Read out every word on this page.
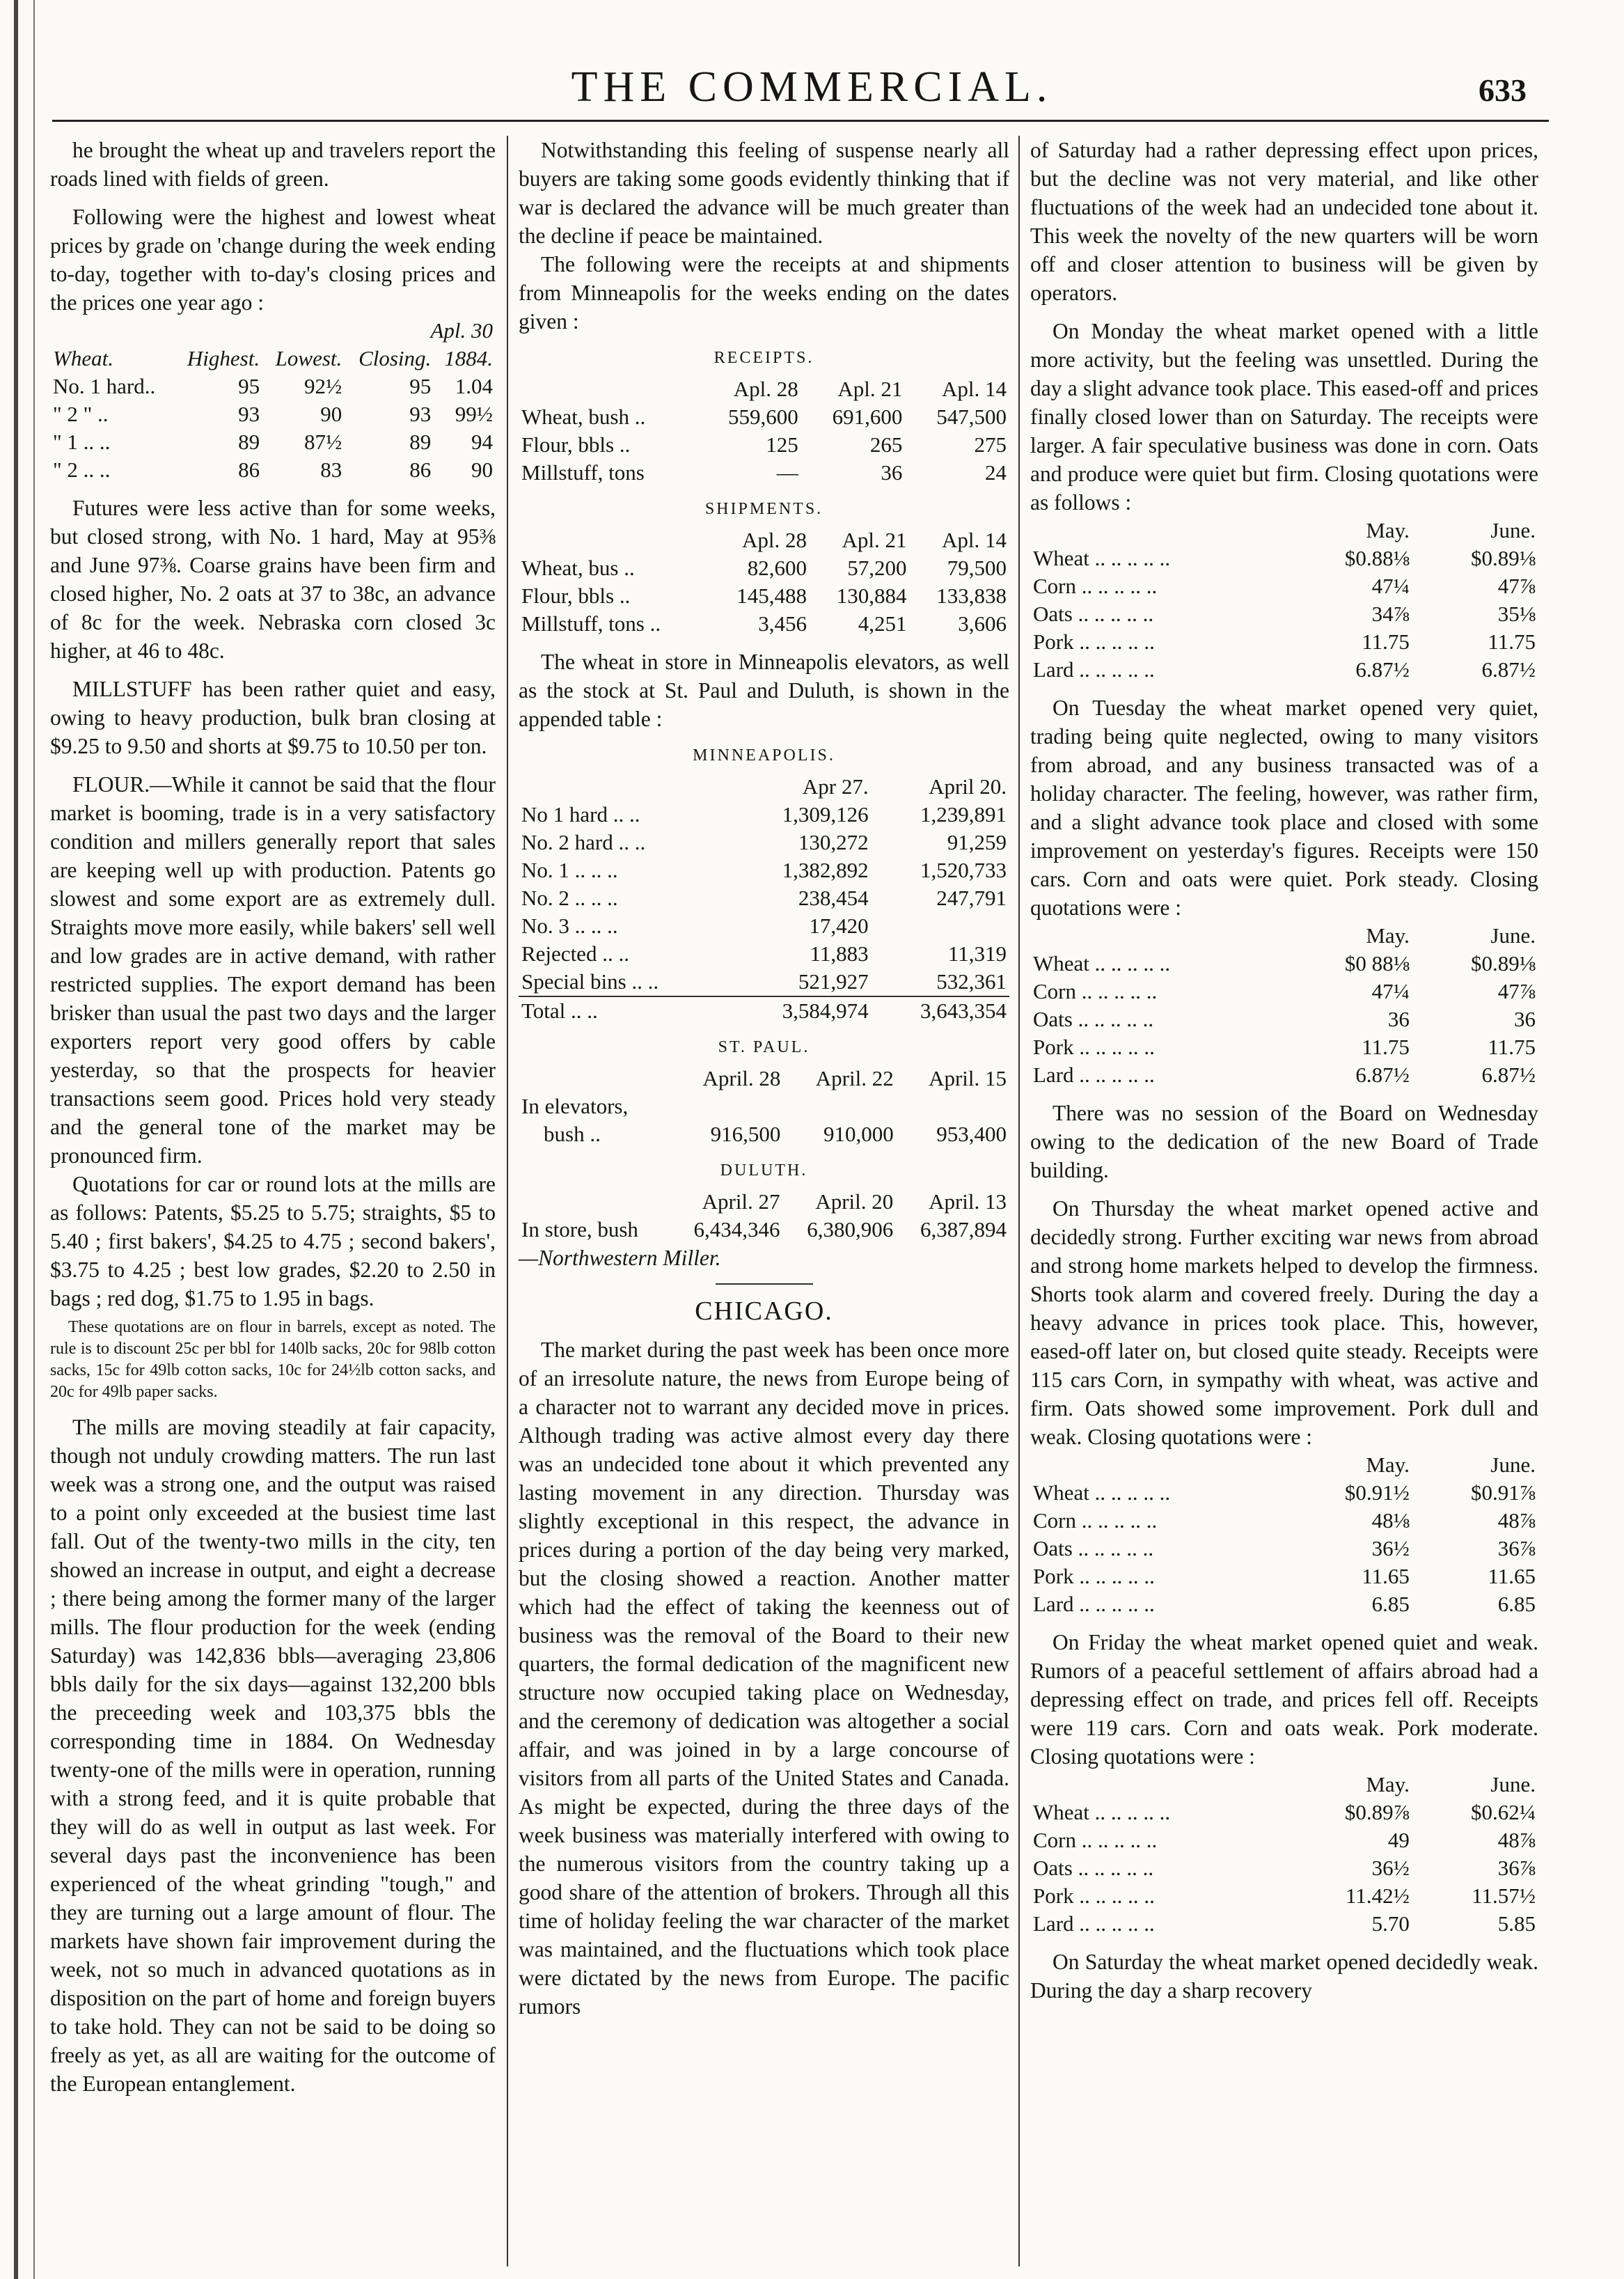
THE COMMERCIAL.	633

he brought the wheat up and travelers report the roads lined with fields of green.

Following were the highest and lowest wheat prices by grade on 'change during the week ending to-day, together with to-day's closing prices and the prices one year ago :

Apl. 30				
Wheat.	Highest.	Lowest.	Closing.	1884.
No. 1 hard..	95	92½	95	1.04
" 2 " ..	93	90	93	99½
" 1 .. ..	89	87½	89	94
" 2 .. ..	86	83	86	90

Futures were less active than for some weeks, but closed strong, with No. 1 hard, May at 95⅜ and June 97⅜. Coarse grains have been firm and closed higher, No. 2 oats at 37 to 38c, an advance of 8c for the week. Nebraska corn closed 3c higher, at 46 to 48c.

MILLSTUFF has been rather quiet and easy, owing to heavy production, bulk bran closing at $9.25 to 9.50 and shorts at $9.75 to 10.50 per ton.

FLOUR.—While it cannot be said that the flour market is booming, trade is in a very satisfactory condition and millers generally report that sales are keeping well up with production. Patents go slowest and some export are as extremely dull. Straights move more easily, while bakers' sell well and low grades are in active demand, with rather restricted supplies. The export demand has been brisker than usual the past two days and the larger exporters report very good offers by cable yesterday, so that the prospects for heavier transactions seem good. Prices hold very steady and the general tone of the market may be pronounced firm.

Quotations for car or round lots at the mills are as follows: Patents, $5.25 to 5.75; straights, $5 to 5.40 ; first bakers', $4.25 to 4.75 ; second bakers', $3.75 to 4.25 ; best low grades, $2.20 to 2.50 in bags ; red dog, $1.75 to 1.95 in bags.

These quotations are on flour in barrels, except as noted. The rule is to discount 25c per bbl for 140lb sacks, 20c for 98lb cotton sacks, 15c for 49lb cotton sacks, 10c for 24½lb cotton sacks, and 20c for 49lb paper sacks.

The mills are moving steadily at fair capacity, though not unduly crowding matters. The run last week was a strong one, and the output was raised to a point only exceeded at the busiest time last fall. Out of the twenty-two mills in the city, ten showed an increase in output, and eight a decrease ; there being among the former many of the larger mills. The flour production for the week (ending Saturday) was 142,836 bbls—averaging 23,806 bbls daily for the six days—against 132,200 bbls the preceeding week and 103,375 bbls the corresponding time in 1884. On Wednesday twenty-one of the mills were in operation, running with a strong feed, and it is quite probable that they will do as well in output as last week. For several days past the inconvenience has been experienced of the wheat grinding "tough," and they are turning out a large amount of flour. The markets have shown fair improvement during the week, not so much in advanced quotations as in disposition on the part of home and foreign buyers to take hold. They can not be said to be doing so freely as yet, as all are waiting for the outcome of the European entanglement.

Notwithstanding this feeling of suspense nearly all buyers are taking some goods evidently thinking that if war is declared the advance will be much greater than the decline if peace be maintained.

The following were the receipts at and shipments from Minneapolis for the weeks ending on the dates given :

RECEIPTS.
	Apl. 28	Apl. 21	Apl. 14
Wheat, bush ..	559,600	691,600	547,500
Flour, bbls ..	125	265	275
Millstuff, tons	—	36	24
SHIPMENTS.
	Apl. 28	Apl. 21	Apl. 14
Wheat, bus ..	82,600	57,200	79,500
Flour, bbls ..	145,488	130,884	133,838
Millstuff, tons ..	3,456	4,251	3,606

The wheat in store in Minneapolis elevators, as well as the stock at St. Paul and Duluth, is shown in the appended table :

MINNEAPOLIS.
	Apr 27.	April 20.
No 1 hard .. ..	1,309,126	1,239,891
No. 2 hard .. ..	130,272	91,259
No. 1 .. .. ..	1,382,892	1,520,733
No. 2 .. .. ..	238,454	247,791
No. 3 .. .. ..	17,420	
Rejected .. ..	11,883	11,319
Special bins .. ..	521,927	532,361
Total .. ..	3,584,974	3,643,354
ST. PAUL.
	April. 28	April. 22	April. 15
In elevators,			
bush ..	916,500	910,000	953,400
DULUTH.
	April. 27	April. 20	April. 13
In store, bush	6,434,346	6,380,906	6,387,894

—Northwestern Miller.

CHICAGO.

The market during the past week has been once more of an irresolute nature, the news from Europe being of a character not to warrant any decided move in prices. Although trading was active almost every day there was an undecided tone about it which prevented any lasting movement in any direction. Thursday was slightly exceptional in this respect, the advance in prices during a portion of the day being very marked, but the closing showed a reaction. Another matter which had the effect of taking the keenness out of business was the removal of the Board to their new quarters, the formal dedication of the magnificent new structure now occupied taking place on Wednesday, and the ceremony of dedication was altogether a social affair, and was joined in by a large concourse of visitors from all parts of the United States and Canada. As might be expected, during the three days of the week business was materially interfered with owing to the numerous visitors from the country taking up a good share of the attention of brokers. Through all this time of holiday feeling the war character of the market was maintained, and the fluctuations which took place were dictated by the news from Europe. The pacific rumors

of Saturday had a rather depressing effect upon prices, but the decline was not very material, and like other fluctuations of the week had an undecided tone about it. This week the novelty of the new quarters will be worn off and closer attention to business will be given by operators.

On Monday the wheat market opened with a little more activity, but the feeling was unsettled. During the day a slight advance took place. This eased-off and prices finally closed lower than on Saturday. The receipts were larger. A fair speculative business was done in corn. Oats and produce were quiet but firm. Closing quotations were as follows :

	May.	June.
Wheat .. .. .. .. ..	$0.88⅛	$0.89⅛
Corn .. .. .. .. ..	47¼	47⅞
Oats .. .. .. .. ..	34⅞	35⅛
Pork .. .. .. .. ..	11.75	11.75
Lard .. .. .. .. ..	6.87½	6.87½

On Tuesday the wheat market opened very quiet, trading being quite neglected, owing to many visitors from abroad, and any business transacted was of a holiday character. The feeling, however, was rather firm, and a slight advance took place and closed with some improvement on yesterday's figures. Receipts were 150 cars. Corn and oats were quiet. Pork steady. Closing quotations were :

	May.	June.
Wheat .. .. .. .. ..	$0 88⅛	$0.89⅛
Corn .. .. .. .. ..	47¼	47⅞
Oats .. .. .. .. ..	36	36
Pork .. .. .. .. ..	11.75	11.75
Lard .. .. .. .. ..	6.87½	6.87½

There was no session of the Board on Wednesday owing to the dedication of the new Board of Trade building.

On Thursday the wheat market opened active and decidedly strong. Further exciting war news from abroad and strong home markets helped to develop the firmness. Shorts took alarm and covered freely. During the day a heavy advance in prices took place. This, however, eased-off later on, but closed quite steady. Receipts were 115 cars Corn, in sympathy with wheat, was active and firm. Oats showed some improvement. Pork dull and weak. Closing quotations were :

	May.	June.
Wheat .. .. .. .. ..	$0.91½	$0.91⅞
Corn .. .. .. .. ..	48⅛	48⅞
Oats .. .. .. .. ..	36½	36⅞
Pork .. .. .. .. ..	11.65	11.65
Lard .. .. .. .. ..	6.85	6.85

On Friday the wheat market opened quiet and weak. Rumors of a peaceful settlement of affairs abroad had a depressing effect on trade, and prices fell off. Receipts were 119 cars. Corn and oats weak. Pork moderate. Closing quotations were :

	May.	June.
Wheat .. .. .. .. ..	$0.89⅞	$0.62¼
Corn .. .. .. .. ..	49	48⅞
Oats .. .. .. .. ..	36½	36⅞
Pork .. .. .. .. ..	11.42½	11.57½
Lard .. .. .. .. ..	5.70	5.85

On Saturday the wheat market opened decidedly weak. During the day a sharp recovery
